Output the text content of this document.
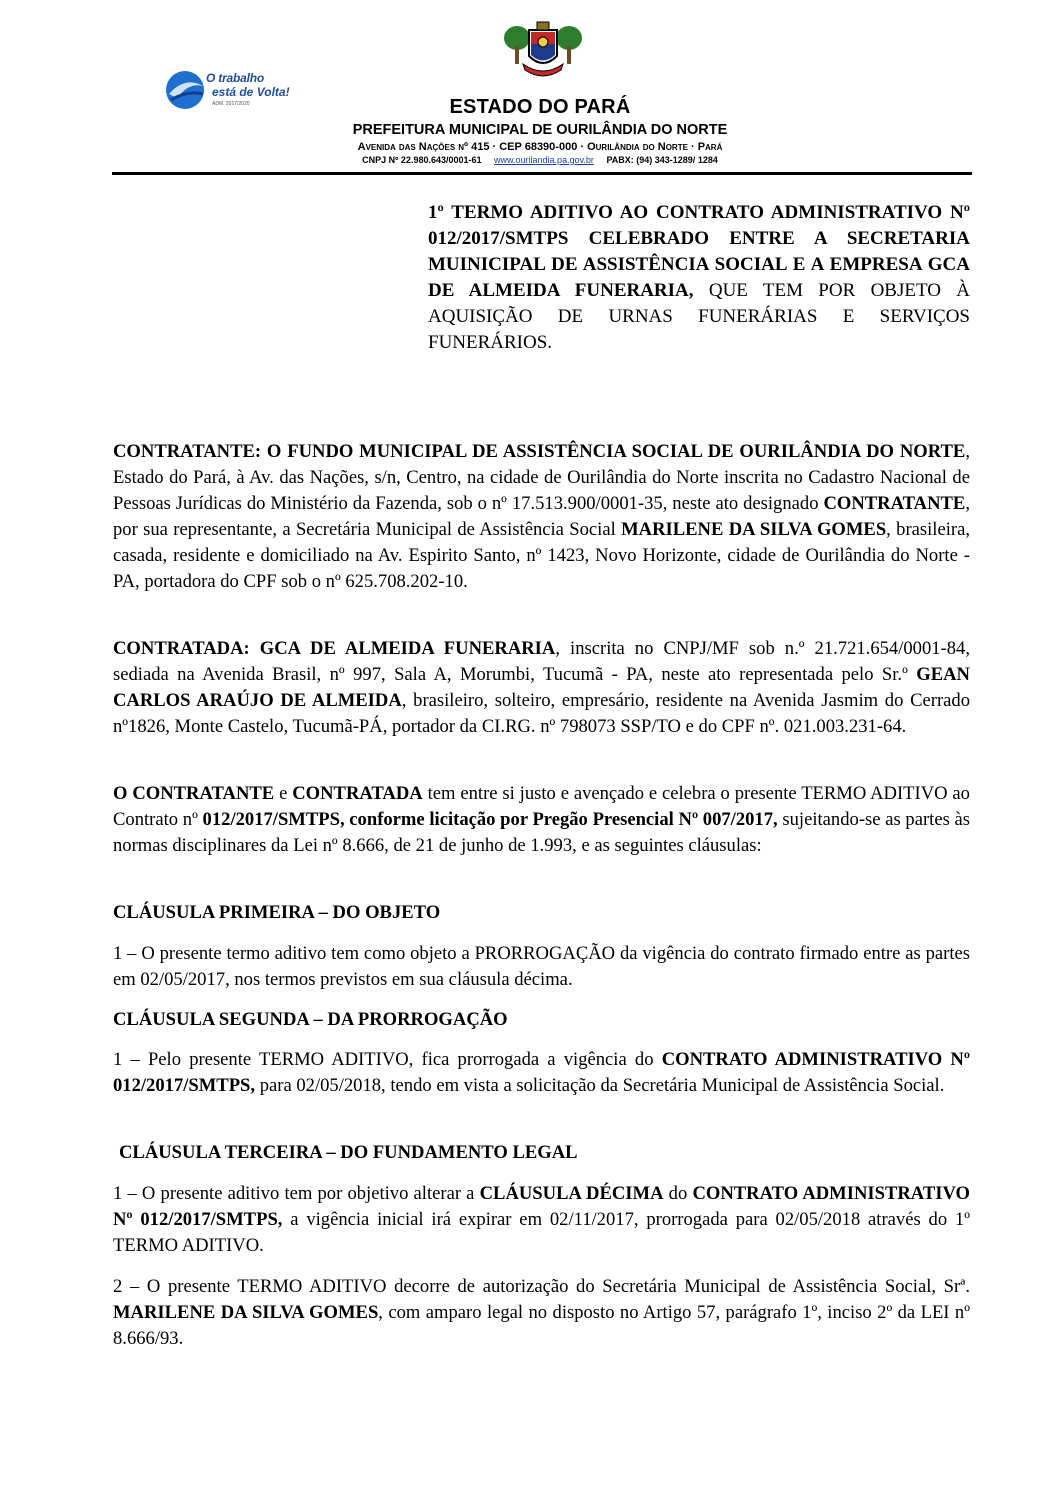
O trabalho
está de Volta!
ADM. 2017/2020	ESTADO DO PARÁ
PREFEITURA MUNICIPAL DE OURILÂNDIA DO NORTE
Avenida das Nações nº 415 · CEP 68390-000 · Ourilândia do Norte · Pará
CNPJ Nº 22.980.643/0001-61 www.ourilandia.pa.gov.br PABX: (94) 343-1289/ 1284
1º TERMO ADITIVO AO CONTRATO ADMINISTRATIVO Nº 012/2017/SMTPS CELEBRADO ENTRE A SECRETARIA MUINICIPAL DE ASSISTÊNCIA SOCIAL E A EMPRESA GCA DE ALMEIDA FUNERARIA, QUE TEM POR OBJETO À AQUISIÇÃO DE URNAS FUNERÁRIAS E SERVIÇOS FUNERÁRIOS.
CONTRATANTE: O FUNDO MUNICIPAL DE ASSISTÊNCIA SOCIAL DE OURILÂNDIA DO NORTE, Estado do Pará, à Av. das Nações, s/n, Centro, na cidade de Ourilândia do Norte inscrita no Cadastro Nacional de Pessoas Jurídicas do Ministério da Fazenda, sob o nº 17.513.900/0001-35, neste ato designado CONTRATANTE, por sua representante, a Secretária Municipal de Assistência Social MARILENE DA SILVA GOMES, brasileira, casada, residente e domiciliado na Av. Espirito Santo, nº 1423, Novo Horizonte, cidade de Ourilândia do Norte - PA, portadora do CPF sob o nº 625.708.202-10.
CONTRATADA: GCA DE ALMEIDA FUNERARIA, inscrita no CNPJ/MF sob n.º 21.721.654/0001-84, sediada na Avenida Brasil, nº 997, Sala A, Morumbi, Tucumã - PA, neste ato representada pelo Sr.º GEAN CARLOS ARAÚJO DE ALMEIDA, brasileiro, solteiro, empresário, residente na Avenida Jasmim do Cerrado nº1826, Monte Castelo, Tucumã-PÁ, portador da CI.RG. nº 798073 SSP/TO e do CPF nº. 021.003.231-64.
O CONTRATANTE e CONTRATADA tem entre si justo e avençado e celebra o presente TERMO ADITIVO ao Contrato nº 012/2017/SMTPS, conforme licitação por Pregão Presencial Nº 007/2017, sujeitando-se as partes às normas disciplinares da Lei nº 8.666, de 21 de junho de 1.993, e as seguintes cláusulas:
CLÁUSULA PRIMEIRA – DO OBJETO
1 – O presente termo aditivo tem como objeto a PRORROGAÇÃO da vigência do contrato firmado entre as partes em 02/05/2017, nos termos previstos em sua cláusula décima.
CLÁUSULA SEGUNDA – DA PRORROGAÇÃO
1 – Pelo presente TERMO ADITIVO, fica prorrogada a vigência do CONTRATO ADMINISTRATIVO Nº 012/2017/SMTPS, para 02/05/2018, tendo em vista a solicitação da Secretária Municipal de Assistência Social.
CLÁUSULA TERCEIRA – DO FUNDAMENTO LEGAL
1 – O presente aditivo tem por objetivo alterar a CLÁUSULA DÉCIMA do CONTRATO ADMINISTRATIVO Nº 012/2017/SMTPS, a vigência inicial irá expirar em 02/11/2017, prorrogada para 02/05/2018 através do 1º TERMO ADITIVO.
2 – O presente TERMO ADITIVO decorre de autorização do Secretária Municipal de Assistência Social, Srª. MARILENE DA SILVA GOMES, com amparo legal no disposto no Artigo 57, parágrafo 1º, inciso 2º da LEI nº 8.666/93.
